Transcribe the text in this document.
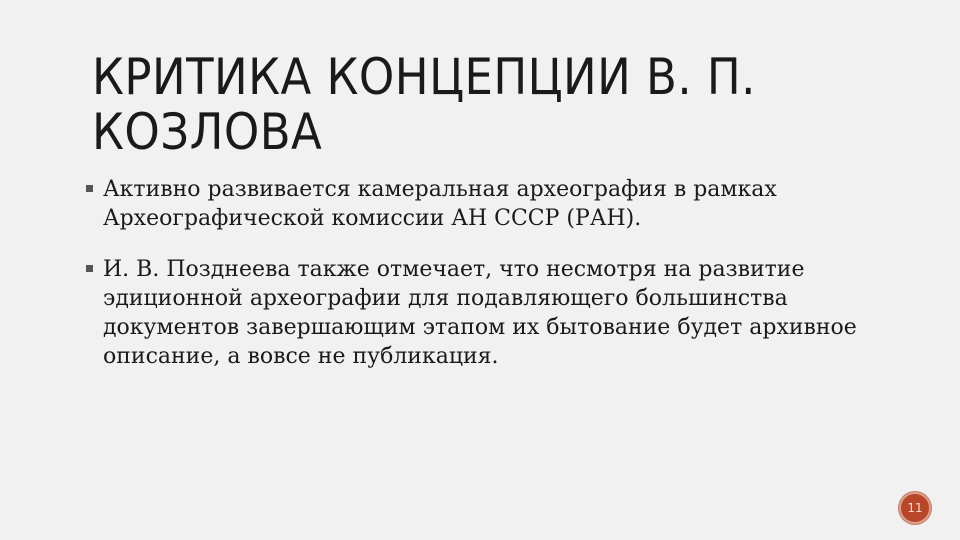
КРИТИКА КОНЦЕПЦИИ В. П. КОЗЛОВА
Активно развивается камеральная археография в рамках Археографической комиссии АН СССР (РАН).
И. В. Позднеева также отмечает, что несмотря на развитие эдиционной археографии для подавляющего большинства документов завершающим этапом их бытование будет архивное описание, а вовсе не публикация.
11
